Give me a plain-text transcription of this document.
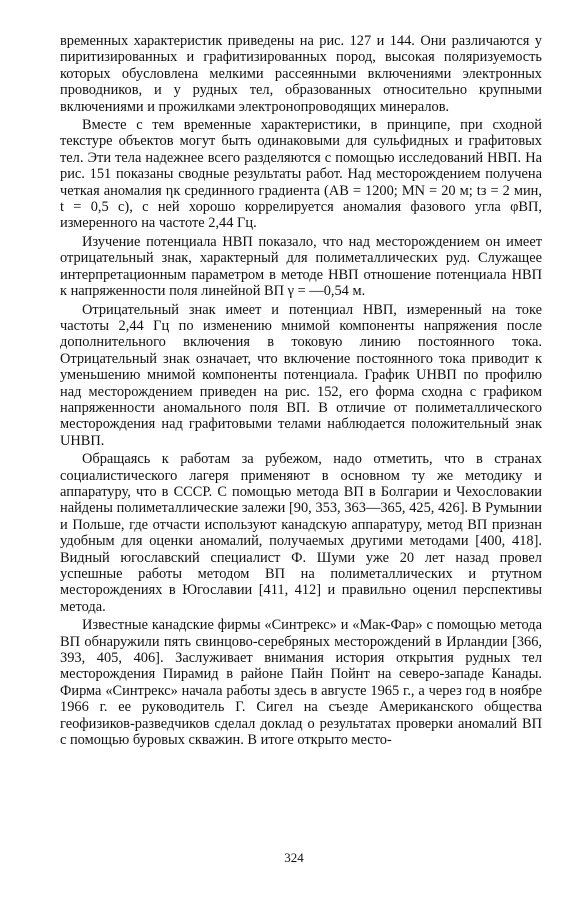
временных характеристик приведены на рис. 127 и 144. Они различаются у пиритизированных и графитизированных пород, высокая поляризуемость которых обусловлена мелкими рассеянными включениями электронных проводников, и у рудных тел, образованных относительно крупными включениями и прожилками электронопроводящих минералов.

Вместе с тем временные характеристики, в принципе, при сходной текстуре объектов могут быть одинаковыми для сульфидных и графитовых тел. Эти тела надежнее всего разделяются с помощью исследований НВП. На рис. 151 показаны сводные результаты работ. Над месторождением получена четкая аномалия ηк срединного градиента (AB = 1200; MN = 20 м; tз = 2 мин, t = 0,5 с), с ней хорошо коррелируется аномалия фазового угла φВП, измеренного на частоте 2,44 Гц.

Изучение потенциала НВП показало, что над месторождением он имеет отрицательный знак, характерный для полиметаллических руд. Служащее интерпретационным параметром в методе НВП отношение потенциала НВП к напряженности поля линейной ВП γ = —0,54 м.

Отрицательный знак имеет и потенциал НВП, измеренный на токе частоты 2,44 Гц по изменению мнимой компоненты напряжения после дополнительного включения в токовую линию постоянного тока. Отрицательный знак означает, что включение постоянного тока приводит к уменьшению мнимой компоненты потенциала. График UНВП по профилю над месторождением приведен на рис. 152, его форма сходна с графиком напряженности аномального поля ВП. В отличие от полиметаллического месторождения над графитовыми телами наблюдается положительный знак UНВП.

Обращаясь к работам за рубежом, надо отметить, что в странах социалистического лагеря применяют в основном ту же методику и аппаратуру, что в СССР. С помощью метода ВП в Болгарии и Чехословакии найдены полиметаллические залежи [90, 353, 363—365, 425, 426]. В Румынии и Польше, где отчасти используют канадскую аппаратуру, метод ВП признан удобным для оценки аномалий, получаемых другими методами [400, 418]. Видный югославский специалист Ф. Шуми уже 20 лет назад провел успешные работы методом ВП на полиметаллических и ртутном месторождениях в Югославии [411, 412] и правильно оценил перспективы метода.

Известные канадские фирмы «Синтрекс» и «Мак-Фар» с помощью метода ВП обнаружили пять свинцово-серебряных месторождений в Ирландии [366, 393, 405, 406]. Заслуживает внимания история открытия рудных тел месторождения Пирамид в районе Пайн Пойнт на северо-западе Канады. Фирма «Синтрекс» начала работы здесь в августе 1965 г., а через год в ноябре 1966 г. ее руководитель Г. Сигел на съезде Американского общества геофизиков-разведчиков сделал доклад о результатах проверки аномалий ВП с помощью буровых скважин. В итоге открыто место-

324
